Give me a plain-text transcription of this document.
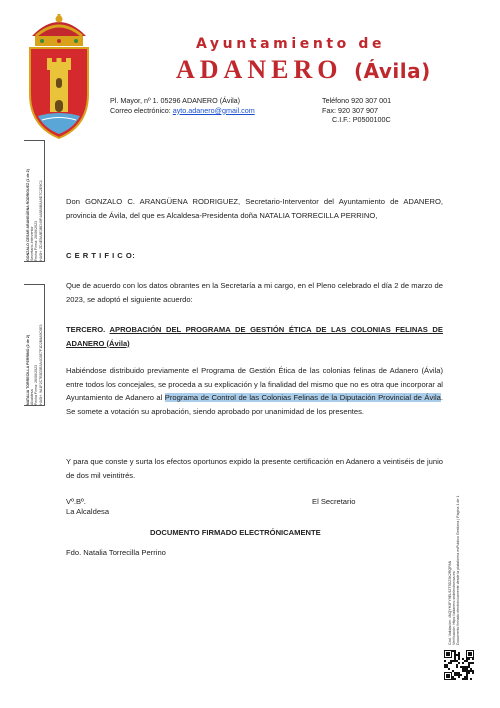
Ayuntamiento de
ADANERO (Ávila)
Pl. Mayor, nº 1. 05296 ADANERO (Ávila)
Correo electrónico: ayto.adanero@gmail.com
Teléfono 920 307 001
Fax: 920 307 907
C.I.F.: P0500100C
GONZALO CESAR ARANGÜENA RODRIGUEZ (1 de 2)
Secretario-Interventor
Fecha Firma: 26/06/2023
HASH: ZD4E5A8E3BD49F4A8B0B8A9D7C2E9C1
NATALIA TORRECILLA PERRINO (2 de 2)
Alcaldesa
Fecha Firma: 26/06/2023
HASH: 9A1F2C7E8D5B3A4C6E7F1D2B8A9C0E3
Don GONZALO C. ARANGÜENA RODRIGUEZ, Secretario-Interventor del Ayuntamiento de ADANERO, provincia de Ávila, del que es Alcaldesa-Presidenta doña NATALIA TORRECILLA PERRINO,
C E R T I F I C O:
Que de acuerdo con los datos obrantes en la Secretaría a mi cargo, en el Pleno celebrado el día 2 de marzo de 2023, se adoptó el siguiente acuerdo:
TERCERO. APROBACIÓN DEL PROGRAMA DE GESTIÓN ÉTICA DE LAS COLONIAS FELINAS DE ADANERO (Ávila)
Habiéndose distribuido previamente el Programa de Gestión Ética de las colonias felinas de Adanero (Ávila) entre todos los concejales, se proceda a su explicación y la finalidad del mismo que no es otra que incorporar al Ayuntamiento de Adanero al Programa de Control de las Colonias Felinas de la Diputación Provincial de Ávila. Se somete a votación su aprobación, siendo aprobado por unanimidad de los presentes.
Y para que conste y surta los efectos oportunos expido la presente certificación en Adanero a veintiséis de junio de dos mil veintitrés.
Vº.Bº.
La Alcaldesa
El Secretario
DOCUMENTO FIRMADO ELECTRÓNICAMENTE
Fdo. Natalia Torrecilla Perrino
Cód. Validación: 4NQYH3FY9EL9ZT5DZ3K2RQPAN
Verificación: https://adanero.sedelectronica.es/
Documento firmado electrónicamente desde la plataforma esPublico Gestiona | Página 1 de 1
